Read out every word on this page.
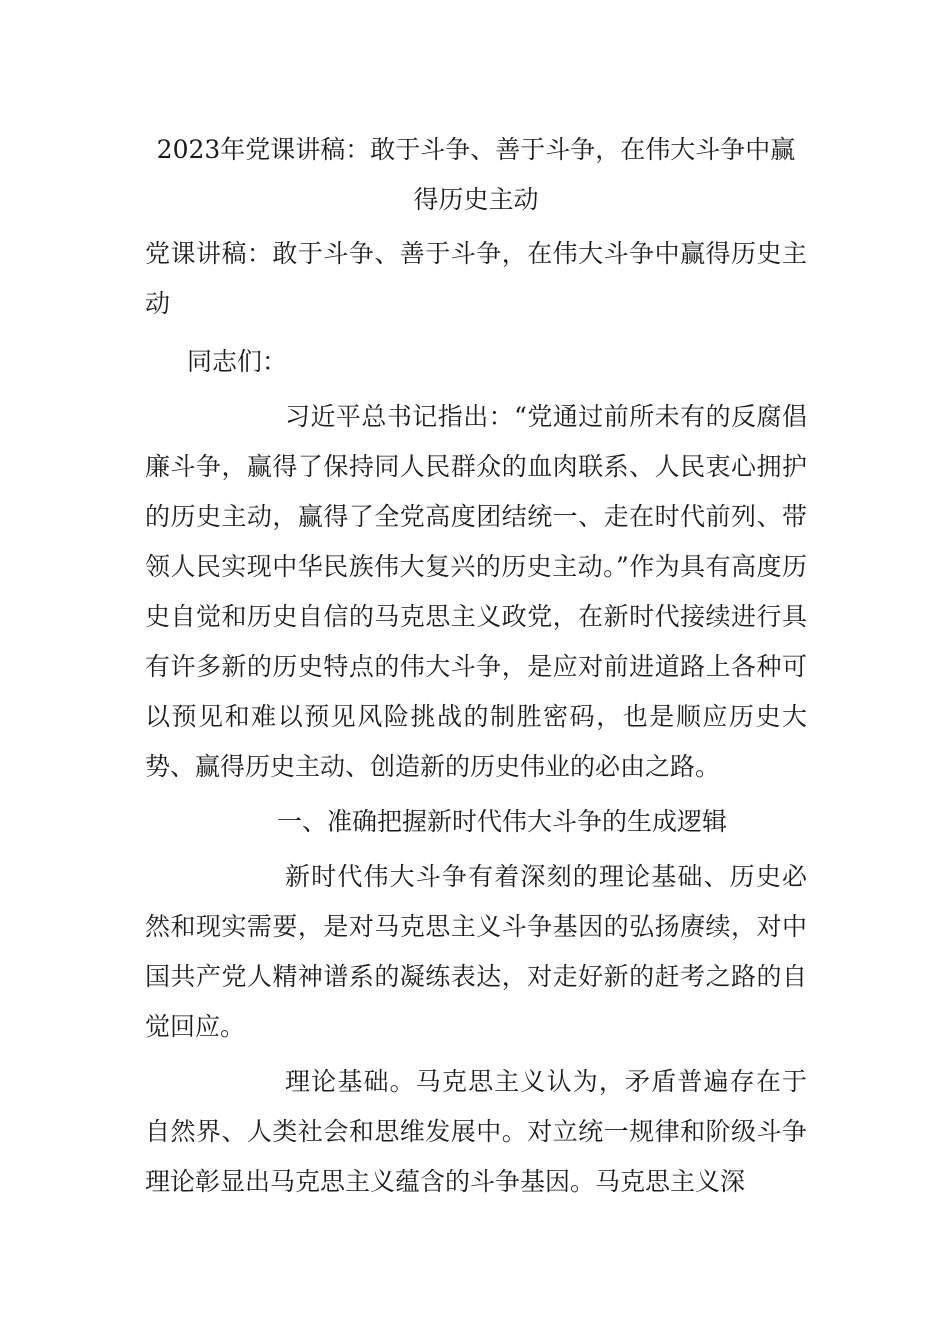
2023年党课讲稿：敢于斗争、善于斗争，在伟大斗争中赢得历史主动

党课讲稿：敢于斗争、善于斗争，在伟大斗争中赢得历史主动

同志们：

习近平总书记指出：“党通过前所未有的反腐倡廉斗争，赢得了保持同人民群众的血肉联系、人民衷心拥护的历史主动，赢得了全党高度团结统一、走在时代前列、带领人民实现中华民族伟大复兴的历史主动。”作为具有高度历史自觉和历史自信的马克思主义政党，在新时代接续进行具有许多新的历史特点的伟大斗争，是应对前进道路上各种可以预见和难以预见风险挑战的制胜密码，也是顺应历史大势、赢得历史主动、创造新的历史伟业的必由之路。

一、准确把握新时代伟大斗争的生成逻辑

新时代伟大斗争有着深刻的理论基础、历史必然和现实需要，是对马克思主义斗争基因的弘扬赓续，对中国共产党人精神谱系的凝练表达，对走好新的赶考之路的自觉回应。

理论基础。马克思主义认为，矛盾普遍存在于自然界、人类社会和思维发展中。对立统一规律和阶级斗争理论彰显出马克思主义蕴含的斗争基因。马克思主义深
